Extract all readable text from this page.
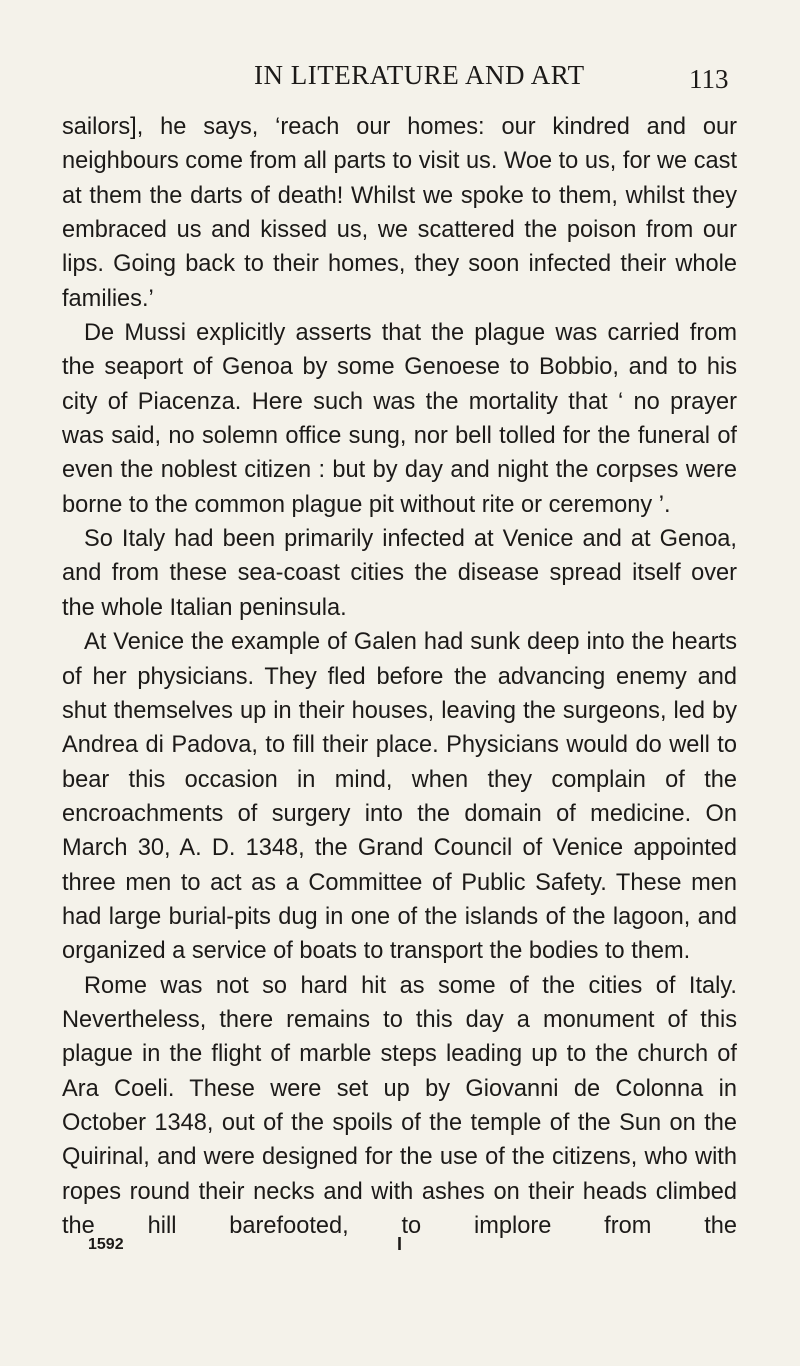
IN LITERATURE AND ART	113

sailors], he says, ‘reach our homes: our kindred and our neighbours come from all parts to visit us. Woe to us, for we cast at them the darts of death! Whilst we spoke to them, whilst they embraced us and kissed us, we scattered the poison from our lips. Going back to their homes, they soon infected their whole families.’

De Mussi explicitly asserts that the plague was carried from the seaport of Genoa by some Genoese to Bobbio, and to his city of Piacenza. Here such was the mortality that ‘ no prayer was said, no solemn office sung, nor bell tolled for the funeral of even the noblest citizen : but by day and night the corpses were borne to the common plague pit without rite or ceremony ’.

So Italy had been primarily infected at Venice and at Genoa, and from these sea-coast cities the disease spread itself over the whole Italian peninsula.

At Venice the example of Galen had sunk deep into the hearts of her physicians. They fled before the advancing enemy and shut themselves up in their houses, leaving the surgeons, led by Andrea di Padova, to fill their place. Physicians would do well to bear this occasion in mind, when they complain of the encroachments of surgery into the domain of medicine. On March 30, A. D. 1348, the Grand Council of Venice appointed three men to act as a Committee of Public Safety. These men had large burial-pits dug in one of the islands of the lagoon, and organized a service of boats to transport the bodies to them.

Rome was not so hard hit as some of the cities of Italy. Nevertheless, there remains to this day a monument of this plague in the flight of marble steps leading up to the church of Ara Coeli. These were set up by Giovanni de Colonna in October 1348, out of the spoils of the temple of the Sun on the Quirinal, and were designed for the use of the citizens, who with ropes round their necks and with ashes on their heads climbed the hill barefooted, to implore from the

1592	I
